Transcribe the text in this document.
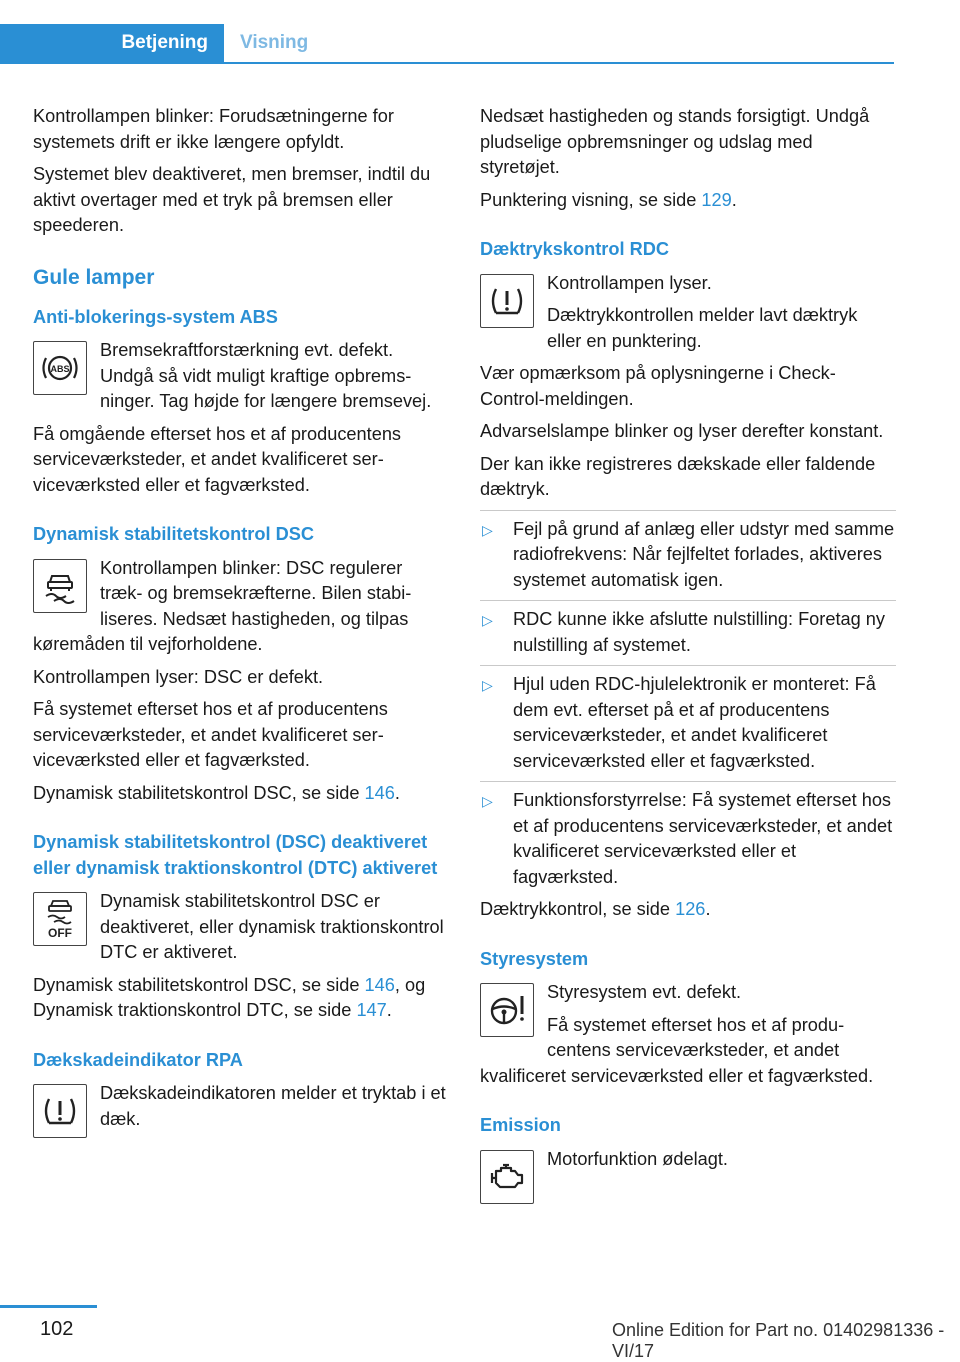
Betjening	Visning

Kontrollampen blinker: Forudsætningerne for systemets drift er ikke længere opfyldt.

Systemet blev deaktiveret, men bremser, indtil du aktivt overtager med et tryk på bremsen eller speederen.

Gule lamper
Anti-blokerings-system ABS
ABS

Bremsekraftforstærkning evt. defekt. Undgå så vidt muligt kraftige opbremsninger. Tag højde for længere bremsevej.

Få omgående efterset hos et af producentens serviceværksteder, et andet kvalificeret serviceværksted eller et fagværksted.

Dynamisk stabilitetskontrol DSC

Kontrollampen blinker: DSC regulerer træk- og bremsekræfterne. Bilen stabiliseres. Nedsæt hastigheden, og tilpas køremåden til vejforholdene.

Kontrollampen lyser: DSC er defekt.

Få systemet efterset hos et af producentens serviceværksteder, et andet kvalificeret serviceværksted eller et fagværksted.

Dynamisk stabilitetskontrol DSC, se side 146.

Dynamisk stabilitetskontrol (DSC) deaktiveret eller dynamisk traktionskontrol (DTC) aktiveret
OFF

Dynamisk stabilitetskontrol DSC er deaktiveret, eller dynamisk traktionskontrol DTC er aktiveret.

Dynamisk stabilitetskontrol DSC, se side 146, og Dynamisk traktionskontrol DTC, se side 147.

Dækskadeindikator RPA

Dækskadeindikatoren melder et tryktab i et dæk.

Nedsæt hastigheden og stands forsigtigt. Undgå pludselige opbremsninger og udslag med styretøjet.

Punktering visning, se side 129.

Dæktrykskontrol RDC

Kontrollampen lyser.

Dæktrykkontrollen melder lavt dæktryk eller en punktering.

Vær opmærksom på oplysningerne i Check-Control-meldingen.

Advarselslampe blinker og lyser derefter konstant.

Der kan ikke registreres dækskade eller faldende dæktryk.

▷ Fejl på grund af anlæg eller udstyr med samme radiofrekvens: Når fejlfeltet forlades, aktiveres systemet automatisk igen.
▷ RDC kunne ikke afslutte nulstilling: Foretag ny nulstilling af systemet.
▷ Hjul uden RDC-hjulelektronik er monteret: Få dem evt. efterset på et af producentens serviceværksteder, et andet kvalificeret serviceværksted eller et fagværksted.
▷ Funktionsforstyrrelse: Få systemet efterset hos et af producentens serviceværksteder, et andet kvalificeret serviceværksted eller et fagværksted.

Dæktrykkontrol, se side 126.

Styresystem

Styresystem evt. defekt.

Få systemet efterset hos et af producentens serviceværksteder, et andet kvalificeret serviceværksted eller et fagværksted.

Emission

Motorfunktion ødelagt.

102	Online Edition for Part no. 01402981336 - VI/17
